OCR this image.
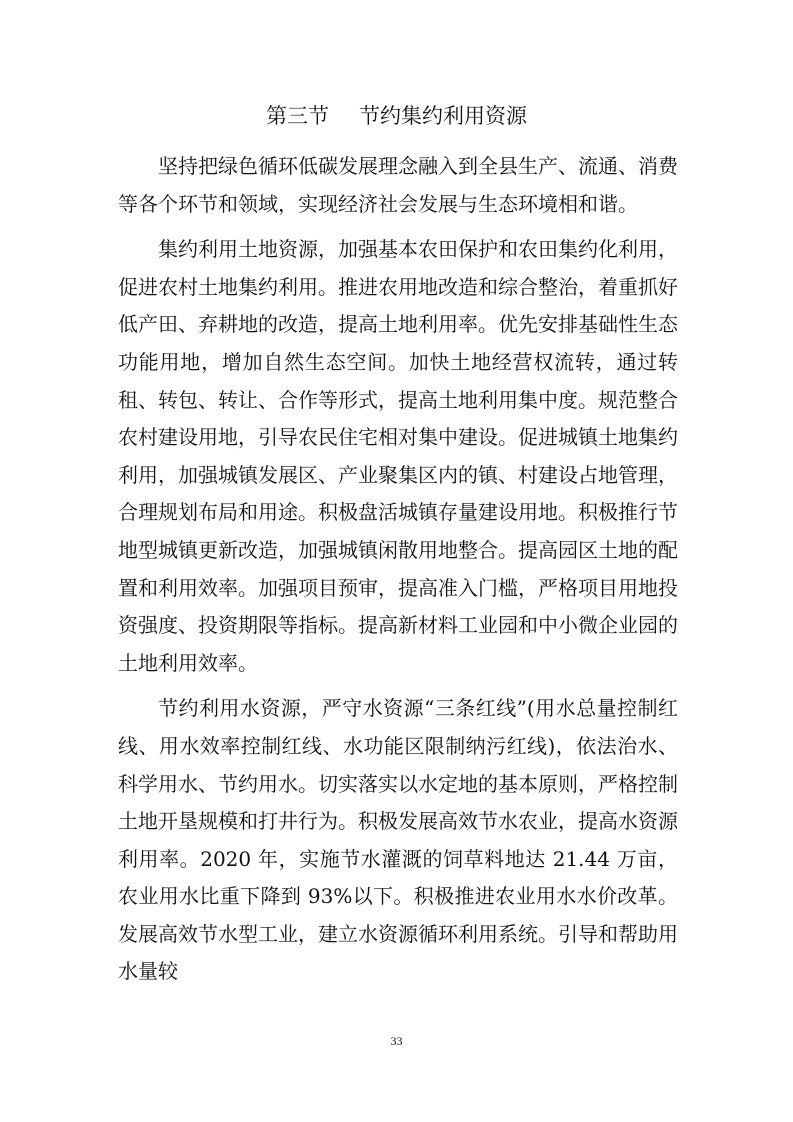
第三节 节约集约利用资源

坚持把绿色循环低碳发展理念融入到全县生产、流通、消费等各个环节和领域，实现经济社会发展与生态环境相和谐。

集约利用土地资源，加强基本农田保护和农田集约化利用，促进农村土地集约利用。推进农用地改造和综合整治，着重抓好低产田、弃耕地的改造，提高土地利用率。优先安排基础性生态功能用地，增加自然生态空间。加快土地经营权流转，通过转租、转包、转让、合作等形式，提高土地利用集中度。规范整合农村建设用地，引导农民住宅相对集中建设。促进城镇土地集约利用，加强城镇发展区、产业聚集区内的镇、村建设占地管理，合理规划布局和用途。积极盘活城镇存量建设用地。积极推行节地型城镇更新改造，加强城镇闲散用地整合。提高园区土地的配置和利用效率。加强项目预审，提高准入门槛，严格项目用地投资强度、投资期限等指标。提高新材料工业园和中小微企业园的土地利用效率。

节约利用水资源，严守水资源“三条红线”(用水总量控制红线、用水效率控制红线、水功能区限制纳污红线)，依法治水、科学用水、节约用水。切实落实以水定地的基本原则，严格控制土地开垦规模和打井行为。积极发展高效节水农业，提高水资源利用率。2020 年，实施节水灌溉的饲草料地达 21.44 万亩，农业用水比重下降到 93%以下。积极推进农业用水水价改革。发展高效节水型工业，建立水资源循环利用系统。引导和帮助用水量较

33
